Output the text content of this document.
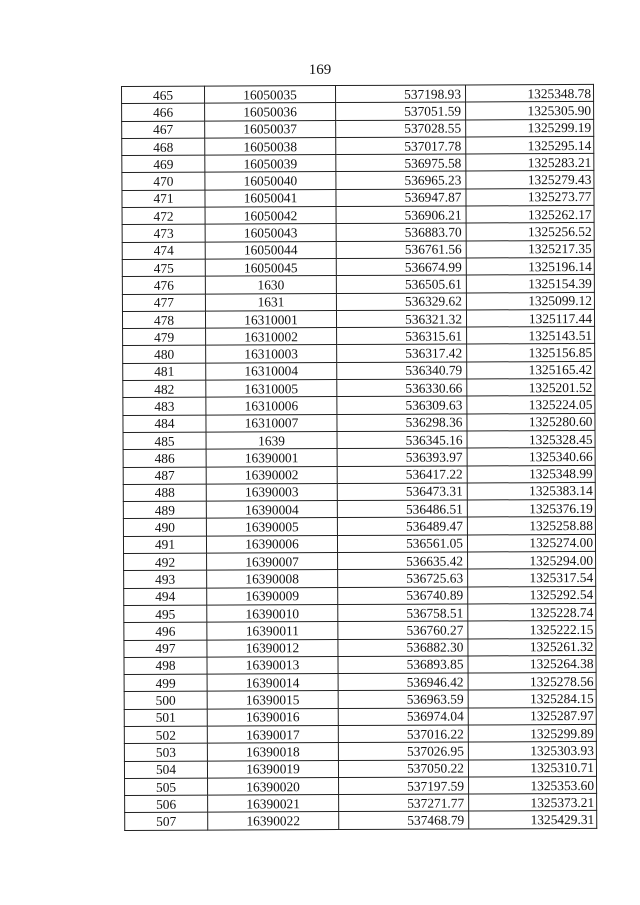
169
465	16050035	537198.93	1325348.78
466	16050036	537051.59	1325305.90
467	16050037	537028.55	1325299.19
468	16050038	537017.78	1325295.14
469	16050039	536975.58	1325283.21
470	16050040	536965.23	1325279.43
471	16050041	536947.87	1325273.77
472	16050042	536906.21	1325262.17
473	16050043	536883.70	1325256.52
474	16050044	536761.56	1325217.35
475	16050045	536674.99	1325196.14
476	1630	536505.61	1325154.39
477	1631	536329.62	1325099.12
478	16310001	536321.32	1325117.44
479	16310002	536315.61	1325143.51
480	16310003	536317.42	1325156.85
481	16310004	536340.79	1325165.42
482	16310005	536330.66	1325201.52
483	16310006	536309.63	1325224.05
484	16310007	536298.36	1325280.60
485	1639	536345.16	1325328.45
486	16390001	536393.97	1325340.66
487	16390002	536417.22	1325348.99
488	16390003	536473.31	1325383.14
489	16390004	536486.51	1325376.19
490	16390005	536489.47	1325258.88
491	16390006	536561.05	1325274.00
492	16390007	536635.42	1325294.00
493	16390008	536725.63	1325317.54
494	16390009	536740.89	1325292.54
495	16390010	536758.51	1325228.74
496	16390011	536760.27	1325222.15
497	16390012	536882.30	1325261.32
498	16390013	536893.85	1325264.38
499	16390014	536946.42	1325278.56
500	16390015	536963.59	1325284.15
501	16390016	536974.04	1325287.97
502	16390017	537016.22	1325299.89
503	16390018	537026.95	1325303.93
504	16390019	537050.22	1325310.71
505	16390020	537197.59	1325353.60
506	16390021	537271.77	1325373.21
507	16390022	537468.79	1325429.31
